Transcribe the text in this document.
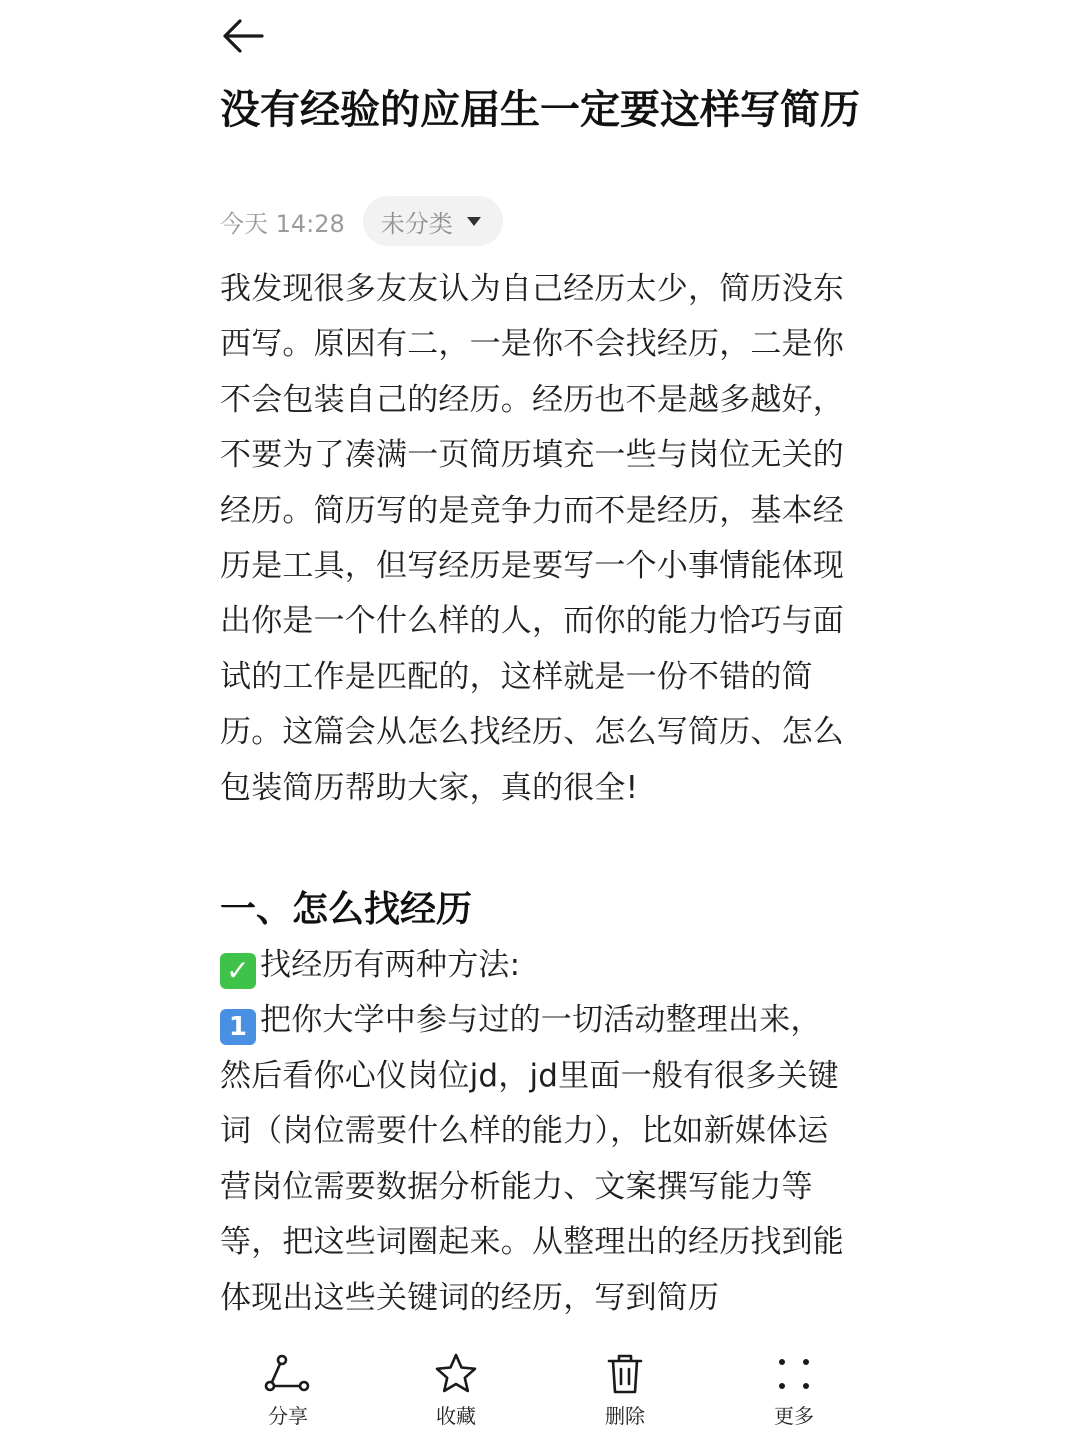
没有经验的应届生一定要这样写简历
今天 14:28 未分类

我发现很多友友认为自己经历太少，简历没东西写。原因有二，一是你不会找经历，二是你不会包装自己的经历。经历也不是越多越好，不要为了凑满一页简历填充一些与岗位无关的经历。简历写的是竞争力而不是经历，基本经历是工具，但写经历是要写一个小事情能体现出你是一个什么样的人，而你的能力恰巧与面试的工作是匹配的，这样就是一份不错的简历。这篇会从怎么找经历、怎么写简历、怎么包装简历帮助大家，真的很全!

一、怎么找经历
✓ 找经历有两种方法:
1 把你大学中参与过的一切活动整理出来，然后看你心仪岗位jd，jd里面一般有很多关键词（岗位需要什么样的能力），比如新媒体运营岗位需要数据分析能力、文案撰写能力等等，把这些词圈起来。从整理出的经历找到能体现出这些关键词的经历，写到简历
分享	收藏	删除	更多
